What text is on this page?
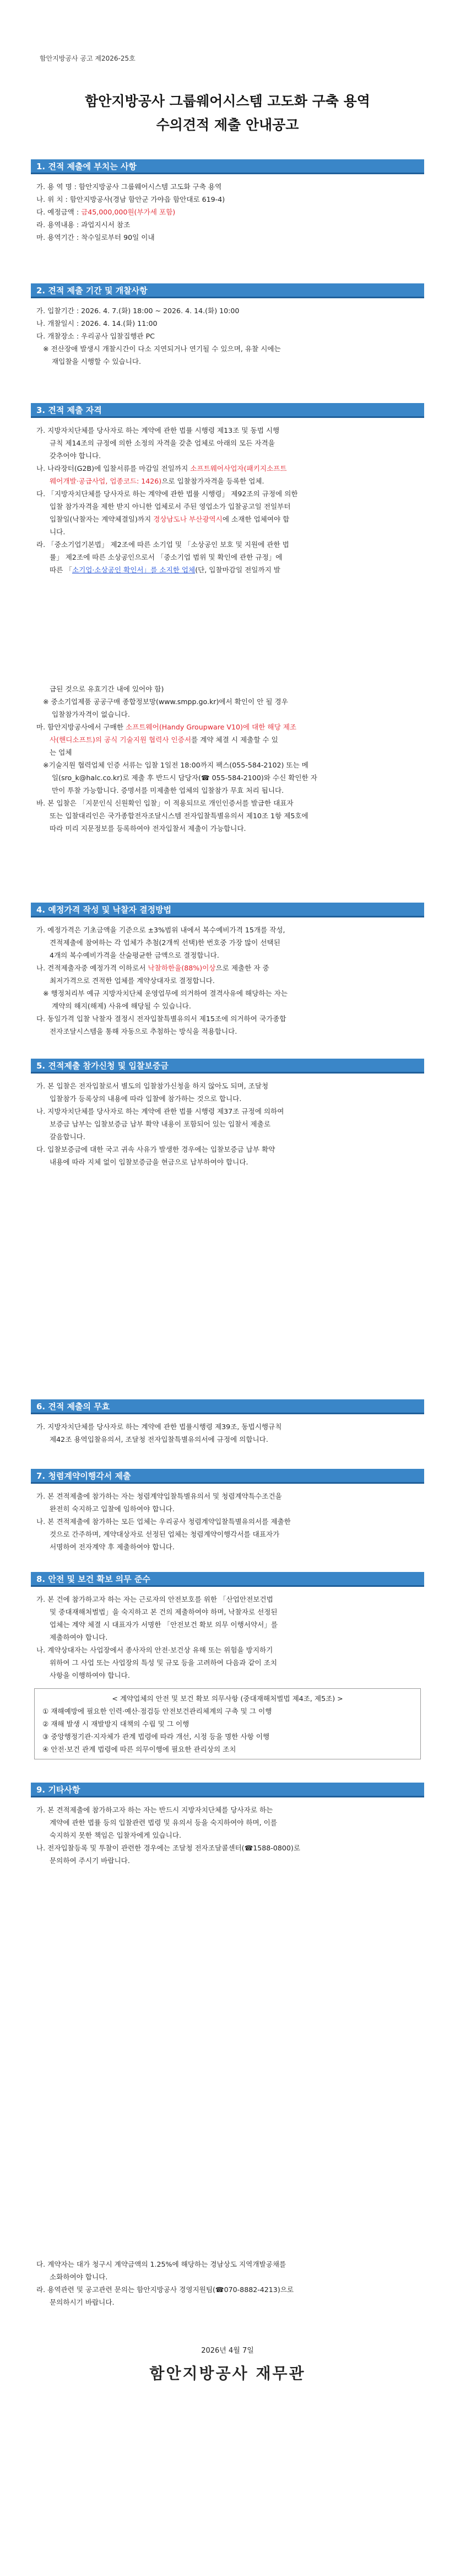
함안지방공사 공고 제2026-25호
함안지방공사 그룹웨어시스템 고도화 구축 용역
수의견적 제출 안내공고
1. 견적 제출에 부치는 사항
가. 용 역 명 : 함안지방공사 그룹웨어시스템 고도화 구축 용역
나. 위 치 : 함안지방공사(경남 함안군 가야읍 함안대로 619-4)
다. 예정금액 : 금45,000,000원(부가세 포함)
라. 용역내용 : 과업지시서 참조
마. 용역기간 : 착수일로부터 90일 이내
2. 견적 제출 기간 및 개찰사항
가. 입찰기간 : 2026. 4. 7.(화) 18:00 ~ 2026. 4. 14.(화) 10:00
나. 개찰일시 : 2026. 4. 14.(화) 11:00
다. 개찰장소 : 우리공사 입찰집행관 PC
※ 전산장애 발생시 개찰시간이 다소 지연되거나 연기될 수 있으며, 유찰 시에는
재입찰을 시행할 수 있습니다.
3. 견적 제출 자격
가. 지방자치단체를 당사자로 하는 계약에 관한 법률 시행령 제13조 및 동법 시행
규칙 제14조의 규정에 의한 소정의 자격을 갖춘 업체로 아래의 모든 자격을
갖추어야 합니다.
나. 나라장터(G2B)에 입찰서류를 마감일 전일까지 소프트웨어사업자(패키지소프트
웨어개발·공급사업, 업종코드: 1426)으로 입찰참가자격을 등록한 업체.
다. 「지방자치단체를 당사자로 하는 계약에 관한 법률 시행령」 제92조의 규정에 의한
입찰 참가자격을 제한 받지 아니한 업체로서 주된 영업소가 입찰공고일 전일부터
입찰일(낙찰자는 계약체결일)까지 경상남도나 부산광역시에 소재한 업체여야 합
니다.
라. 「중소기업기본법」 제2조에 따른 소기업 및 「소상공인 보호 및 지원에 관한 법
률」 제2조에 따른 소상공인으로서 「중소기업 범위 및 확인에 관한 규정」에
따른 「소기업·소상공인 확인서」를 소지한 업체(단, 입찰마감일 전일까지 발
급된 것으로 유효기간 내에 있어야 함)
※ 중소기업제품 공공구매 종합정보망(www.smpp.go.kr)에서 확인이 안 될 경우
입찰참가자격이 없습니다.
마. 함안지방공사에서 구매한 소프트웨어(Handy Groupware V10)에 대한 해당 제조
사(핸디소프트)의 공식 기술지원 협력사 인증서를 계약 체결 시 제출할 수 있
는 업체
※기술지원 협력업체 인증 서류는 입찰 1일전 18:00까지 팩스(055-584-2102) 또는 메
일(sro_k@halc.co.kr)로 제출 후 반드시 담당자(☎ 055-584-2100)와 수신 확인한 자
만이 투찰 가능합니다. 증명서를 미제출한 업체의 입찰참가 무효 처리 됩니다.
바. 본 입찰은 「지문인식 신원확인 입찰」이 적용되므로 개인인증서를 발급한 대표자
또는 입찰대리인은 국가종합전자조달시스템 전자입찰특별유의서 제10조 1항 제5호에
따라 미리 지문정보를 등록하여야 전자입찰서 제출이 가능합니다.
4. 예정가격 작성 및 낙찰자 결정방법
가. 예정가격은 기초금액을 기준으로 ±3%범위 내에서 복수예비가격 15개를 작성,
견적제출에 참여하는 각 업체가 추첨(2개씩 선택)한 번호중 가장 많이 선택된
4개의 복수예비가격을 산술평균한 금액으로 결정합니다.
나. 견적제출자중 예정가격 이하로서 낙찰하한율(88%)이상으로 제출한 자 중
최저가격으로 견적한 업체를 계약상대자로 결정합니다.
※ 행정처리부 예규 지방자치단체 운영업무에 의거하여 결격사유에 해당하는 자는
계약의 해지(해제) 사유에 해당될 수 있습니다.
다. 동일가격 입찰 낙찰자 결정시 전자입찰특별유의서 제15조에 의거하여 국가종합
전자조달시스템을 통해 자동으로 추첨하는 방식을 적용합니다.
5. 견적제출 참가신청 및 입찰보증금
가. 본 입찰은 전자입찰로서 별도의 입찰참가신청을 하지 않아도 되며, 조달청
입찰참가 등록상의 내용에 따라 입찰에 참가하는 것으로 합니다.
나. 지방자치단체를 당사자로 하는 계약에 관한 법률 시행령 제37조 규정에 의하여
보증금 납부는 입찰보증금 납부 확약 내용이 포함되어 있는 입찰서 제출로
갈음합니다.
다. 입찰보증금에 대한 국고 귀속 사유가 발생한 경우에는 입찰보증금 납부 확약
내용에 따라 지체 없이 입찰보증금을 현금으로 납부하여야 합니다.
6. 견적 제출의 무효
가. 지방자치단체를 당사자로 하는 계약에 관한 법률시행령 제39조, 동법시행규칙
제42조 용역입찰유의서, 조달청 전자입찰특별유의서에 규정에 의합니다.
7. 청렴계약이행각서 제출
가. 본 견적제출에 참가하는 자는 청렴계약입찰특별유의서 및 청렴계약특수조건을
완전히 숙지하고 입찰에 임하여야 합니다.
나. 본 견적제출에 참가하는 모든 업체는 우리공사 청렴계약입찰특별유의서를 제출한
것으로 간주하며, 계약대상자로 선정된 업체는 청렴계약이행각서를 대표자가
서명하여 전자계약 후 제출하여야 합니다.
8. 안전 및 보건 확보 의무 준수
가. 본 건에 참가하고자 하는 자는 근로자의 안전보호를 위한 「산업안전보건법
및 중대재해처벌법」을 숙지하고 본 건의 제출하여야 하며, 낙찰자로 선정된
업체는 계약 체결 시 대표자가 서명한 「안전보건 확보 의무 이행서약서」를
제출하여야 합니다.
나. 계약상대자는 사업장에서 종사자의 안전·보건상 유해 또는 위험을 방지하기
위하여 그 사업 또는 사업장의 특성 및 규모 등을 고려하여 다음과 같이 조치
사항을 이행하여야 합니다.
< 계약업체의 안전 및 보건 확보 의무사항 (중대재해처벌법 제4조, 제5조) >
① 재해예방에 필요한 인력·예산·점검등 안전보건관리체계의 구축 및 그 이행
② 재해 발생 시 재발방지 대책의 수립 및 그 이행
③ 중앙행정기관·지자체가 관계 법령에 따라 개선, 시정 등을 명한 사항 이행
④ 안전·보건 관계 법령에 따른 의무이행에 필요한 관리상의 조치
9. 기타사항
가. 본 견적제출에 참가하고자 하는 자는 반드시 지방자치단체를 당사자로 하는
계약에 관한 법률 등의 입찰관련 법령 및 유의서 등을 숙지하여야 하며, 이를
숙지하지 못한 책임은 입찰자에게 있습니다.
나. 전자입찰등록 및 투찰이 관련한 경우에는 조달청 전자조달콜센터(☎1588-0800)로
문의하여 주시기 바랍니다.
다. 계약자는 대가 청구시 계약금액의 1.25%에 해당하는 경남상도 지역개발공채를
소화하여야 합니다.
라. 용역관련 및 공고관련 문의는 함안지방공사 경영지원팀(☎070-8882-4213)으로
문의하시기 바랍니다.
2026년 4월 7일
함안지방공사 재무관
